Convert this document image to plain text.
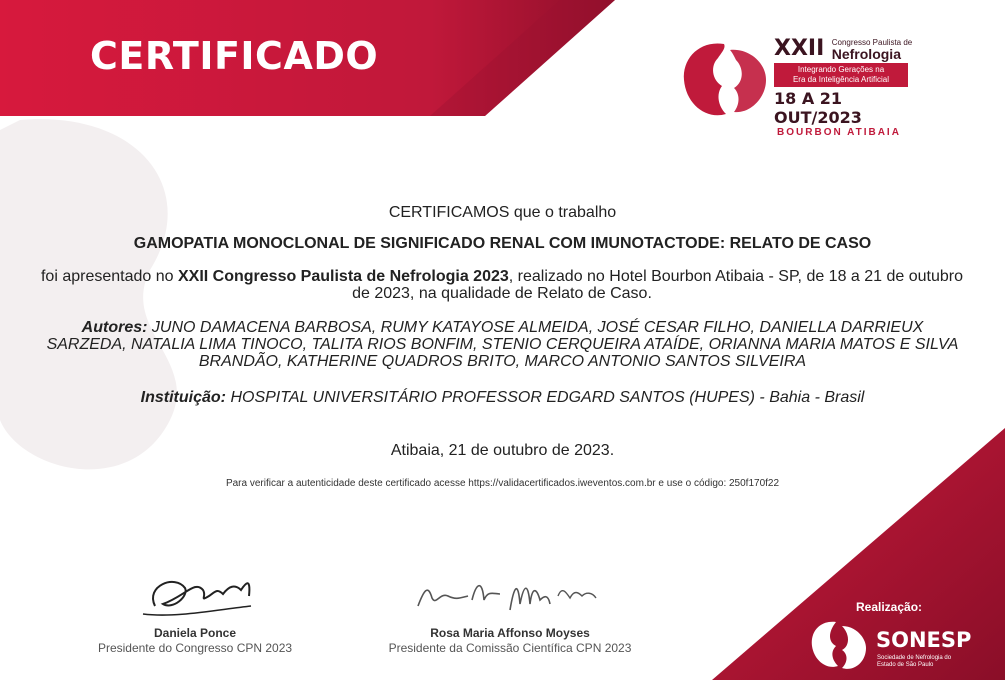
CERTIFICADO	XXII Congresso Paulista de
Nefrologia
Integrando Gerações na
Era da Inteligência Artificial
18 A 21 OUT/2023
BOURBON ATIBAIA
CERTIFICAMOS que o trabalho
GAMOPATIA MONOCLONAL DE SIGNIFICADO RENAL COM IMUNOTACTODE: RELATO DE CASO
foi apresentado no XXII Congresso Paulista de Nefrologia 2023, realizado no Hotel Bourbon Atibaia - SP, de 18 a 21 de outubro de 2023, na qualidade de Relato de Caso.
Autores: JUNO DAMACENA BARBOSA, RUMY KATAYOSE ALMEIDA, JOSÉ CESAR FILHO, DANIELLA DARRIEUX SARZEDA, NATALIA LIMA TINOCO, TALITA RIOS BONFIM, STENIO CERQUEIRA ATAÍDE, ORIANNA MARIA MATOS E SILVA BRANDÃO, KATHERINE QUADROS BRITO, MARCO ANTONIO SANTOS SILVEIRA
Instituição: HOSPITAL UNIVERSITÁRIO PROFESSOR EDGARD SANTOS (HUPES) - Bahia - Brasil
Atibaia, 21 de outubro de 2023.
Para verificar a autenticidade deste certificado acesse https://validacertificados.iweventos.com.br e use o código: 250f170f22
Daniela Ponce
Presidente do Congresso CPN 2023
Rosa Maria Affonso Moyses
Presidente da Comissão Científica CPN 2023
Realização:
SONESP
Sociedade de Nefrologia do Estado de São Paulo
